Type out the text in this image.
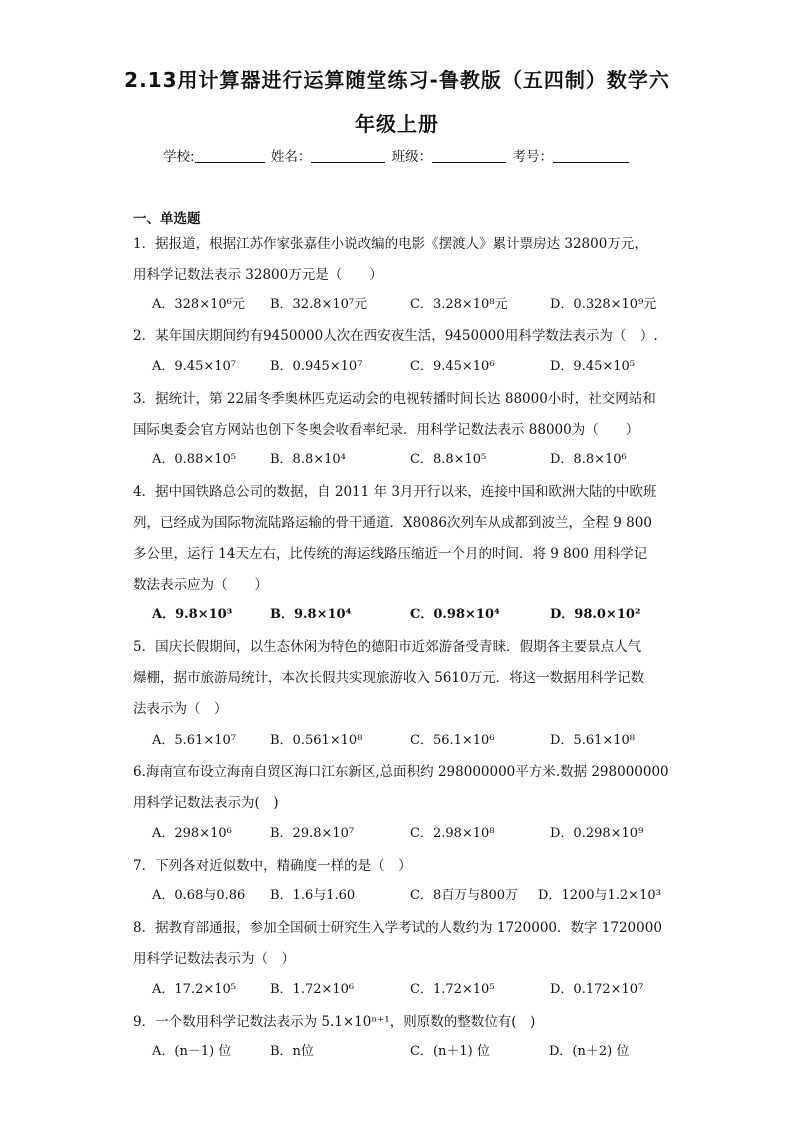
2.13用计算器进行运算随堂练习-鲁教版（五四制）数学六
年级上册
学校:	姓名：	班级：	考号：
一、单选题
1．据报道，根据江苏作家张嘉佳小说改编的电影《摆渡人》累计票房达 32800万元，
用科学记数法表示 32800万元是（　　）
A．328×10⁶元 B．32.8×10⁷元	C．3.28×10⁸元	D．0.328×10⁹元
2．某年国庆期间约有9450000人次在西安夜生活，9450000用科学数法表示为（　）.
A．9.45×10⁷	B．0.945×10⁷	C．9.45×10⁶	D．9.45×10⁵
3．据统计，第 22届冬季奥林匹克运动会的电视转播时间长达 88000小时，社交网站和
国际奥委会官方网站也创下冬奥会收看率纪录．用科学记数法表示 88000为（　　）
A．0.88×10⁵	B．8.8×10⁴	C．8.8×10⁵	D．8.8×10⁶
4．据中国铁路总公司的数据，自 2011 年 3月开行以来，连接中国和欧洲大陆的中欧班
列，已经成为国际物流陆路运输的骨干通道．X8086次列车从成都到波兰，全程 9 800
多公里，运行 14天左右，比传统的海运线路压缩近一个月的时间．将 9 800 用科学记
数法表示应为（　　）
A．9.8×10³	B．9.8×10⁴	C．0.98×10⁴	D．98.0×10²
5．国庆长假期间，以生态休闲为特色的德阳市近郊游备受青睐．假期各主要景点人气
爆棚，据市旅游局统计，本次长假共实现旅游收入 5610万元．将这一数据用科学记数
法表示为（　）
A．5.61×10⁷	B．0.561×10⁸	C．56.1×10⁶	D．5.61×10⁸
6.海南宣布设立海南自贸区海口江东新区,总面积约 298000000平方米.数据 298000000
用科学记数法表示为(　)
A．298×10⁶	B．29.8×10⁷	C．2.98×10⁸	D．0.298×10⁹
7．下列各对近似数中，精确度一样的是（　）
A．0.68与0.86 B．1.6与1.60	C．8百万与800万 D．1200与1.2×10³
8．据教育部通报，参加全国硕士研究生入学考试的人数约为 1720000．数字 1720000
用科学记数法表示为（　）
A．17.2×10⁵	B．1.72×10⁶	C．1.72×10⁵	D．0.172×10⁷
9．一个数用科学记数法表示为 5.1×10ⁿ⁺¹，则原数的整数位有(　)
A．(n－1) 位	B．n位	C．(n＋1) 位	D．(n＋2) 位
